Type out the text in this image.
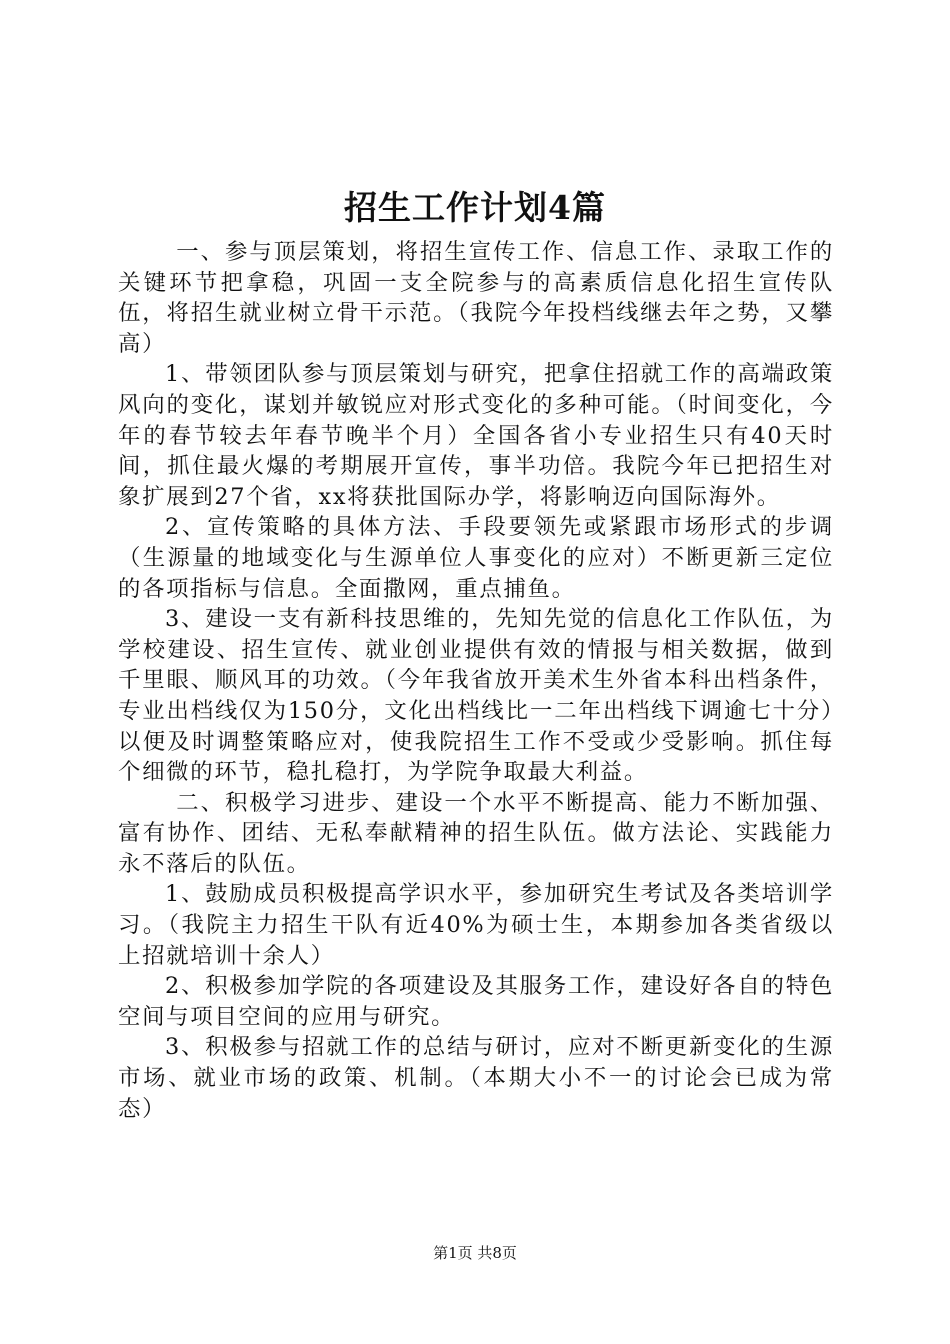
招生工作计划4篇

一、参与顶层策划，将招生宣传工作、信息工作、录取工作的关键环节把拿稳，巩固一支全院参与的高素质信息化招生宣传队伍，将招生就业树立骨干示范。（我院今年投档线继去年之势，又攀高）

1、带领团队参与顶层策划与研究，把拿住招就工作的高端政策风向的变化，谋划并敏锐应对形式变化的多种可能。（时间变化，今年的春节较去年春节晚半个月）全国各省小专业招生只有40天时间，抓住最火爆的考期展开宣传，事半功倍。我院今年已把招生对象扩展到27个省，xx将获批国际办学，将影响迈向国际海外。

2、宣传策略的具体方法、手段要领先或紧跟市场形式的步调（生源量的地域变化与生源单位人事变化的应对）不断更新三定位的各项指标与信息。全面撒网，重点捕鱼。

3、建设一支有新科技思维的，先知先觉的信息化工作队伍，为学校建设、招生宣传、就业创业提供有效的情报与相关数据，做到千里眼、顺风耳的功效。（今年我省放开美术生外省本科出档条件，专业出档线仅为150分，文化出档线比一二年出档线下调逾七十分）以便及时调整策略应对，使我院招生工作不受或少受影响。抓住每个细微的环节，稳扎稳打，为学院争取最大利益。

二、积极学习进步、建设一个水平不断提高、能力不断加强、富有协作、团结、无私奉献精神的招生队伍。做方法论、实践能力永不落后的队伍。

1、鼓励成员积极提高学识水平，参加研究生考试及各类培训学习。（我院主力招生干队有近40%为硕士生，本期参加各类省级以上招就培训十余人）

2、积极参加学院的各项建设及其服务工作，建设好各自的特色空间与项目空间的应用与研究。

3、积极参与招就工作的总结与研讨，应对不断更新变化的生源市场、就业市场的政策、机制。（本期大小不一的讨论会已成为常态）

第1页 共8页
